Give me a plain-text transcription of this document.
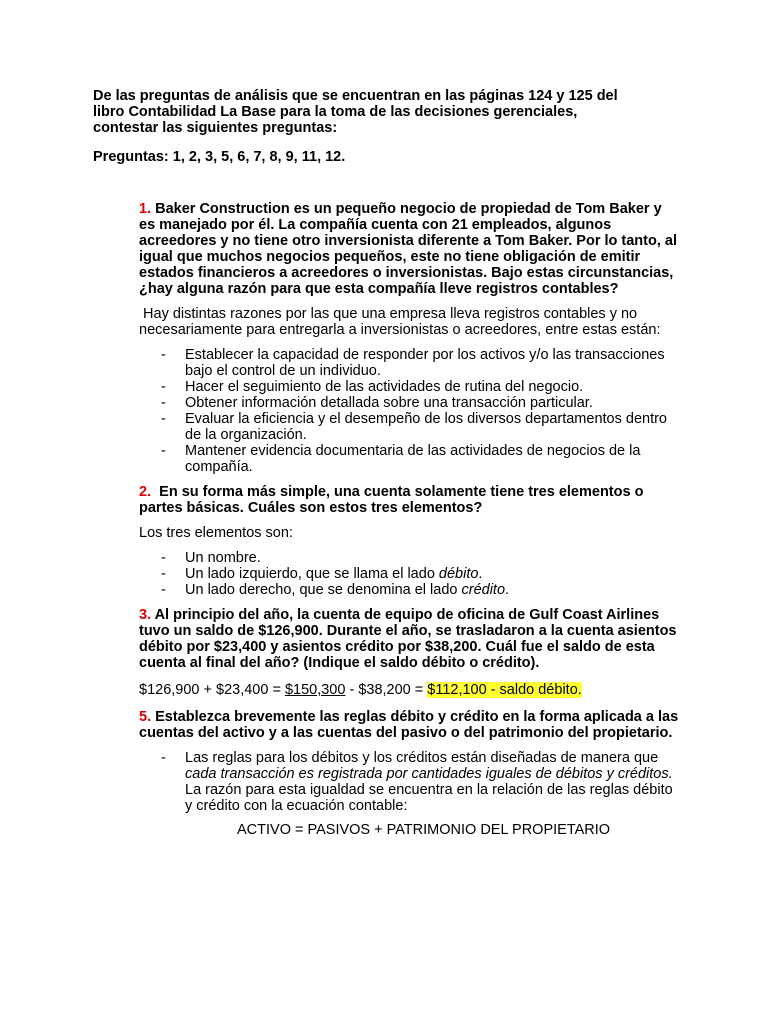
De las preguntas de análisis que se encuentran en las páginas 124 y 125 del

libro Contabilidad La Base para la toma de las decisiones gerenciales,

contestar las siguientes preguntas:

Preguntas: 1, 2, 3, 5, 6, 7, 8, 9, 11, 12.

1. Baker Construction es un pequeño negocio de propiedad de Tom Baker y es manejado por él. La compañía cuenta con 21 empleados, algunos acreedores y no tiene otro inversionista diferente a Tom Baker. Por lo tanto, al igual que muchos negocios pequeños, este no tiene obligación de emitir estados financieros a acreedores o inversionistas. Bajo estas circunstancias, ¿hay alguna razón para que esta compañía lleve registros contables?

Hay distintas razones por las que una empresa lleva registros contables y no necesariamente para entregarla a inversionistas o acreedores, entre estas están:

- Establecer la capacidad de responder por los activos y/o las transacciones bajo el control de un individuo.
- Hacer el seguimiento de las actividades de rutina del negocio.
- Obtener información detallada sobre una transacción particular.
- Evaluar la eficiencia y el desempeño de los diversos departamentos dentro de la organización.
- Mantener evidencia documentaria de las actividades de negocios de la compañía.

2.  En su forma más simple, una cuenta solamente tiene tres elementos o partes básicas. Cuáles son estos tres elementos?

Los tres elementos son:

- Un nombre.
- Un lado izquierdo, que se llama el lado débito.
- Un lado derecho, que se denomina el lado crédito.

3. Al principio del año, la cuenta de equipo de oficina de Gulf Coast Airlines tuvo un saldo de $126,900. Durante el año, se trasladaron a la cuenta asientos débito por $23,400 y asientos crédito por $38,200. Cuál fue el saldo de esta cuenta al final del año? (Indique el saldo débito o crédito).

$126,900 + $23,400 = $150,300 - $38,200 = $112,100 - saldo débito.

5. Establezca brevemente las reglas débito y crédito en la forma aplicada a las cuentas del activo y a las cuentas del pasivo o del patrimonio del propietario.

- Las reglas para los débitos y los créditos están diseñadas de manera que cada transacción es registrada por cantidades iguales de débitos y créditos. La razón para esta igualdad se encuentra en la relación de las reglas débito y crédito con la ecuación contable:

ACTIVO = PASIVOS + PATRIMONIO DEL PROPIETARIO
